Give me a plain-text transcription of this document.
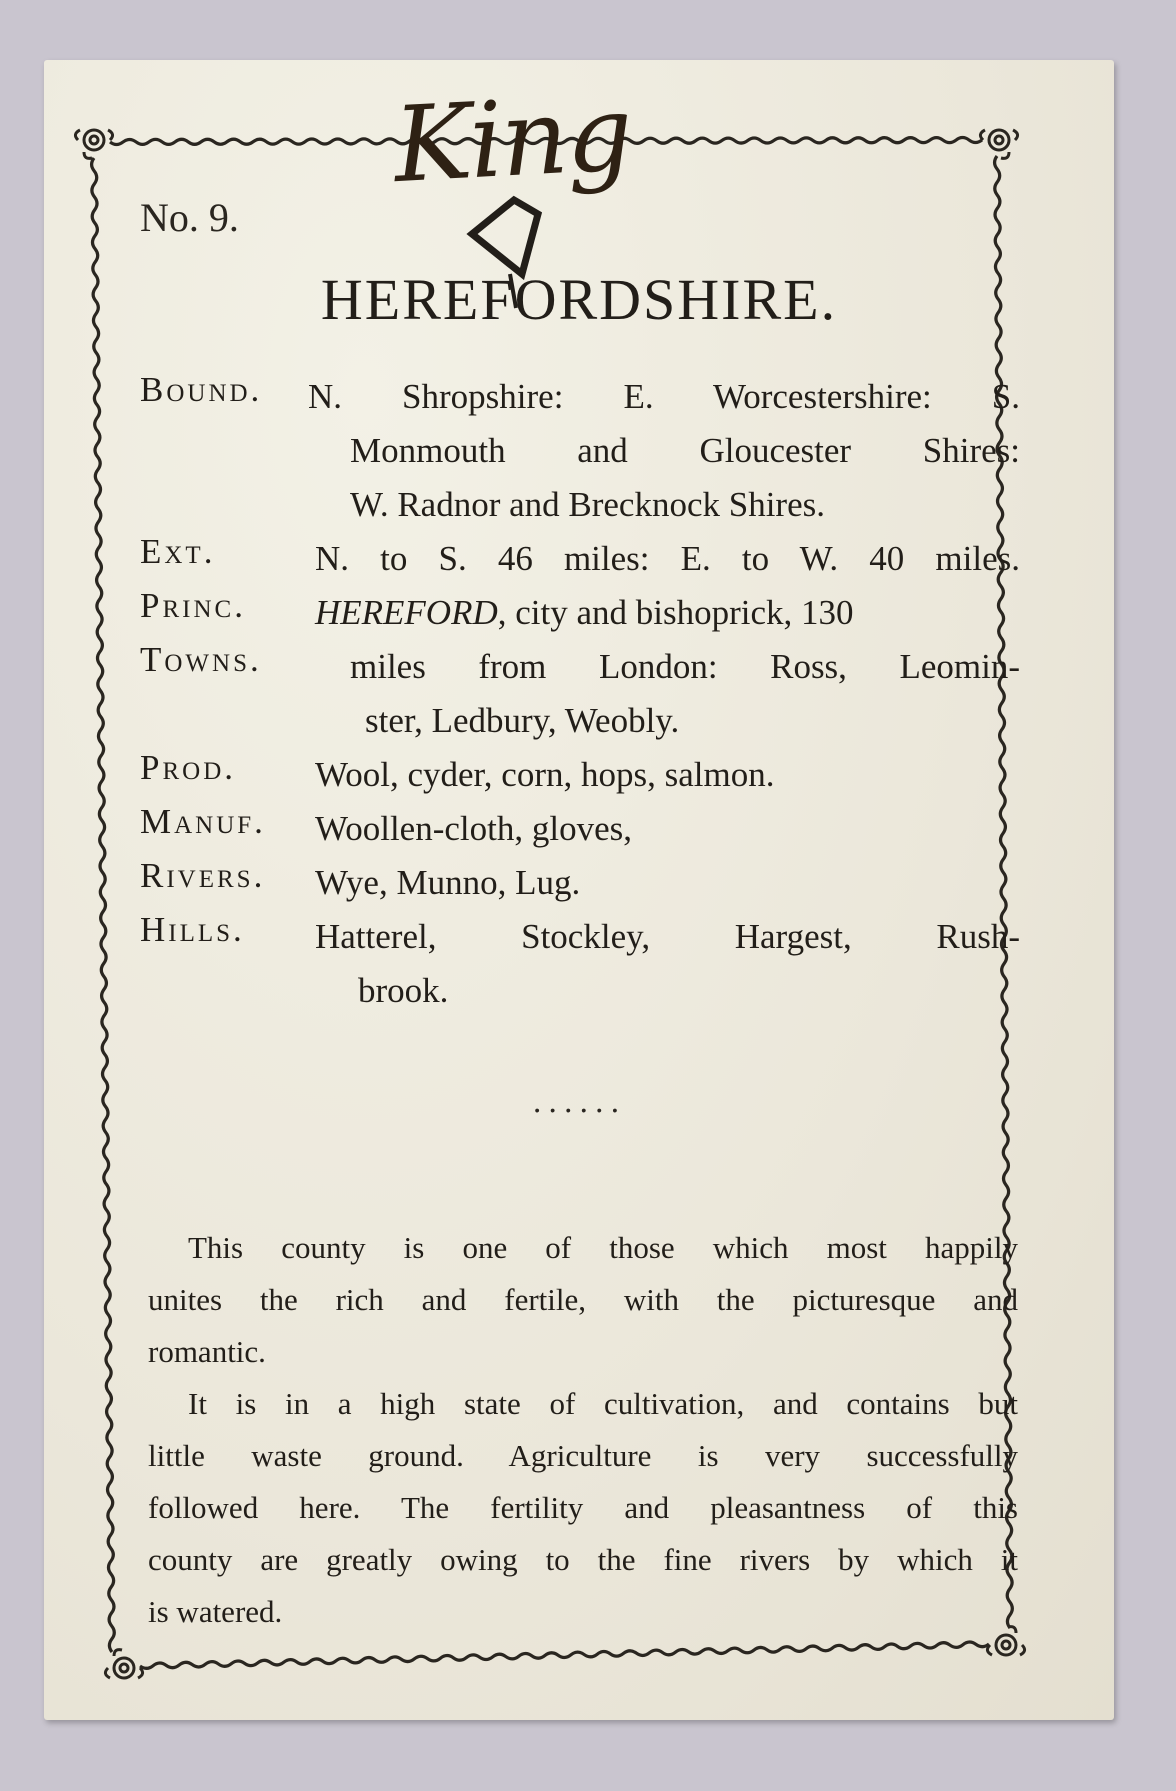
King
No. 9.
HEREFORDSHIRE.
Bound. N. Shropshire: E. Worcestershire: S.
Monmouth and Gloucester Shires:
W. Radnor and Brecknock Shires.
Ext.	N. to S. 46 miles: E. to W. 40 miles.
Princ.
Towns.
HEREFORD, city and bishoprick, 130
miles from London: Ross, Leomin-
ster, Ledbury, Weobly.
Prod. Wool, cyder, corn, hops, salmon.
Manuf. Woollen-cloth, gloves,
Rivers. Wye, Munno, Lug.
Hills. Hatterel, Stockley, Hargest, Rush-
brook.
......
This county is one of those which most happily
unites the rich and fertile, with the picturesque and
romantic.
It is in a high state of cultivation, and contains but
little waste ground. Agriculture is very successfully
followed here. The fertility and pleasantness of this
county are greatly owing to the fine rivers by which it
is watered.
